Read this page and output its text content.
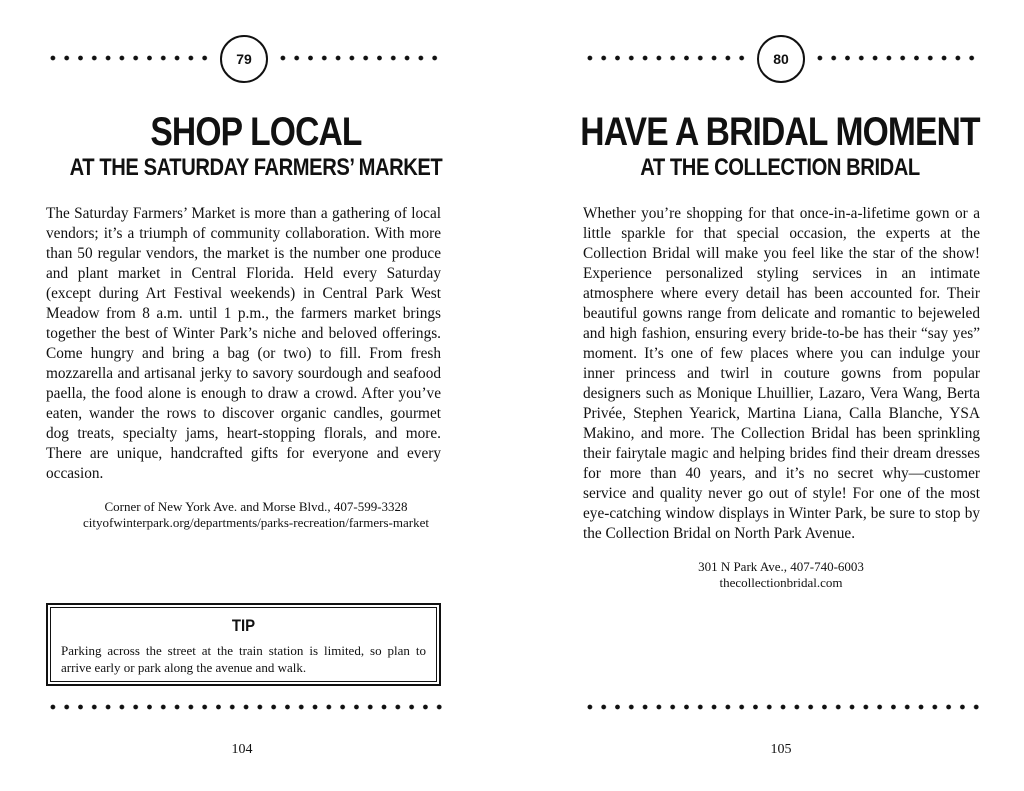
79
SHOP LOCAL
AT THE SATURDAY FARMERS’ MARKET

The Saturday Farmers’ Market is more than a gathering of local vendors; it’s a triumph of community collaboration. With more than 50 regular vendors, the market is the number one produce and plant market in Central Florida. Held every Saturday (except during Art Festival weekends) in Central Park West Meadow from 8 a.m. until 1 p.m., the farmers market brings together the best of Winter Park’s niche and beloved offerings. Come hungry and bring a bag (or two) to fill. From fresh mozzarella and artisanal jerky to savory sourdough and seafood paella, the food alone is enough to draw a crowd. After you’ve eaten, wander the rows to discover organic candles, gourmet dog treats, specialty jams, heart-stopping florals, and more. There are unique, handcrafted gifts for everyone and every occasion.

Corner of New York Ave. and Morse Blvd., 407-599-3328
cityofwinterpark.org/departments/parks-recreation/farmers-market
TIP
Parking across the street at the train station is limited, so plan to arrive early or park along the avenue and walk.
104
80
HAVE A BRIDAL MOMENT
AT THE COLLECTION BRIDAL

Whether you’re shopping for that once-in-a-lifetime gown or a little sparkle for that special occasion, the experts at the Collection Bridal will make you feel like the star of the show! Experience personalized styling services in an intimate atmosphere where every detail has been accounted for. Their beautiful gowns range from delicate and romantic to bejeweled and high fashion, ensuring every bride-to-be has their “say yes” moment. It’s one of few places where you can indulge your inner princess and twirl in couture gowns from popular designers such as Monique Lhuillier, Lazaro, Vera Wang, Berta Privée, Stephen Yearick, Martina Liana, Calla Blanche, YSA Makino, and more. The Collection Bridal has been sprinkling their fairytale magic and helping brides find their dream dresses for more than 40 years, and it’s no secret why—customer service and quality never go out of style! For one of the most eye-catching window displays in Winter Park, be sure to stop by the Collection Bridal on North Park Avenue.

301 N Park Ave., 407-740-6003
thecollectionbridal.com
105
